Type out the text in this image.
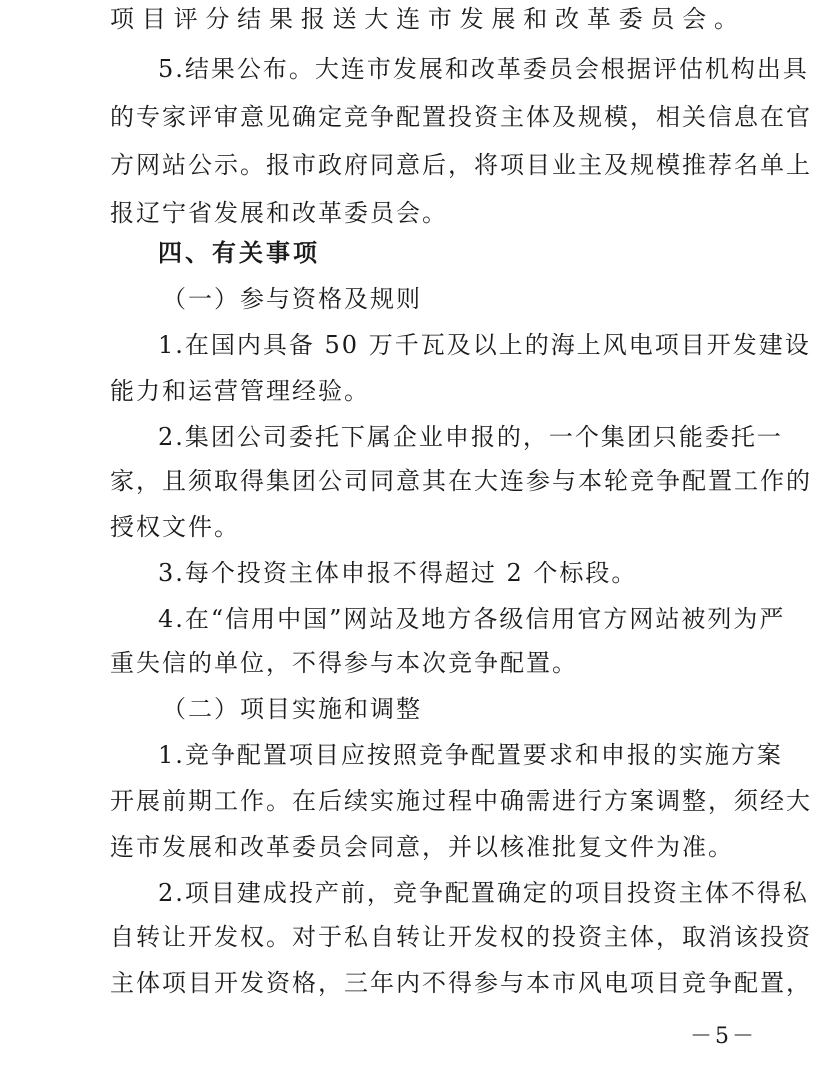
项目评分结果报送大连市发展和改革委员会。
5.结果公布。大连市发展和改革委员会根据评估机构出具
的专家评审意见确定竞争配置投资主体及规模，相关信息在官
方网站公示。报市政府同意后，将项目业主及规模推荐名单上
报辽宁省发展和改革委员会。
四、有关事项
（一）参与资格及规则
1.在国内具备 50 万千瓦及以上的海上风电项目开发建设
能力和运营管理经验。
2.集团公司委托下属企业申报的，一个集团只能委托一
家，且须取得集团公司同意其在大连参与本轮竞争配置工作的
授权文件。
3.每个投资主体申报不得超过 2 个标段。
4.在“信用中国”网站及地方各级信用官方网站被列为严
重失信的单位，不得参与本次竞争配置。
（二）项目实施和调整
1.竞争配置项目应按照竞争配置要求和申报的实施方案
开展前期工作。在后续实施过程中确需进行方案调整，须经大
连市发展和改革委员会同意，并以核准批复文件为准。
2.项目建成投产前，竞争配置确定的项目投资主体不得私
自转让开发权。对于私自转让开发权的投资主体，取消该投资
主体项目开发资格，三年内不得参与本市风电项目竞争配置，
－5－
